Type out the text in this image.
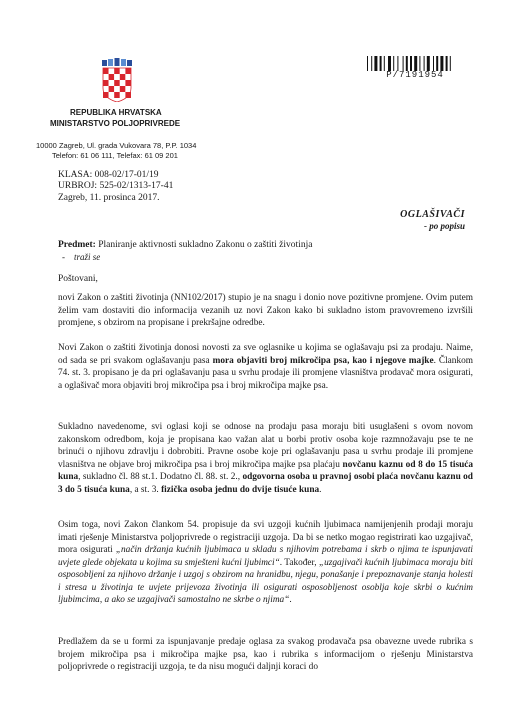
P/7191954
REPUBLIKA HRVATSKA
MINISTARSTVO POLJOPRIVREDE
10000 Zagreb, Ul. grada Vukovara 78, P.P. 1034
Telefon: 61 06 111, Telefax: 61 09 201
KLASA: 008-02/17-01/19
URBROJ: 525-02/1313-17-41
Zagreb, 11. prosinca 2017.
OGLAŠIVAČI
- po popisu
Predmet: Planiranje aktivnosti sukladno Zakonu o zaštiti životinja
- traži se
Poštovani,

novi Zakon o zaštiti životinja (NN102/2017) stupio je na snagu i donio nove pozitivne promjene. Ovim putem želim vam dostaviti dio informacija vezanih uz novi Zakon kako bi sukladno istom pravovremeno izvršili promjene, s obzirom na propisane i prekršajne odredbe.

Novi Zakon o zaštiti životinja donosi novosti za sve oglasnike u kojima se oglašavaju psi za prodaju. Naime, od sada se pri svakom oglašavanju pasa mora objaviti broj mikročipa psa, kao i njegove majke. Člankom 74. st. 3. propisano je da pri oglašavanju pasa u svrhu prodaje ili promjene vlasništva prodavač mora osigurati, a oglašivač mora objaviti broj mikročipa psa i broj mikročipa majke psa.

Sukladno navedenome, svi oglasi koji se odnose na prodaju pasa moraju biti usuglašeni s ovom novom zakonskom odredbom, koja je propisana kao važan alat u borbi protiv osoba koje razmnožavaju pse te ne brinući o njihovu zdravlju i dobrobiti. Pravne osobe koje pri oglašavanju pasa u svrhu prodaje ili promjene vlasništva ne objave broj mikročipa psa i broj mikročipa majke psa plaćaju novčanu kaznu od 8 do 15 tisuća kuna, sukladno čl. 88 st.1. Dodatno čl. 88. st. 2., odgovorna osoba u pravnoj osobi plaća novčanu kaznu od 3 do 5 tisuća kuna, a st. 3. fizička osoba jednu do dvije tisuće kuna.

Osim toga, novi Zakon člankom 54. propisuje da svi uzgoji kućnih ljubimaca namijenjenih prodaji moraju imati rješenje Ministarstva poljoprivrede o registraciji uzgoja. Da bi se netko mogao registrirati kao uzgajivač, mora osigurati „način držanja kućnih ljubimaca u skladu s njihovim potrebama i skrb o njima te ispunjavati uvjete glede objekata u kojima su smješteni kućni ljubimci“. Također, „uzgajivači kućnih ljubimaca moraju biti osposobljeni za njihovo držanje i uzgoj s obzirom na hranidbu, njegu, ponašanje i prepoznavanje stanja holesti i stresa u životinja te uvjete prijevoza životinja ili osigurati osposobljenost osoblja koje skrbi o kućnim ljubimcima, a ako se uzgajivači samostalno ne skrbe o njima“.

Predlažem da se u formi za ispunjavanje predaje oglasa za svakog prodavača psa obavezne uvede rubrika s brojem mikročipa psa i mikročipa majke psa, kao i rubrika s informacijom o rješenju Ministarstva poljoprivrede o registraciji uzgoja, te da nisu mogući daljnji koraci do
